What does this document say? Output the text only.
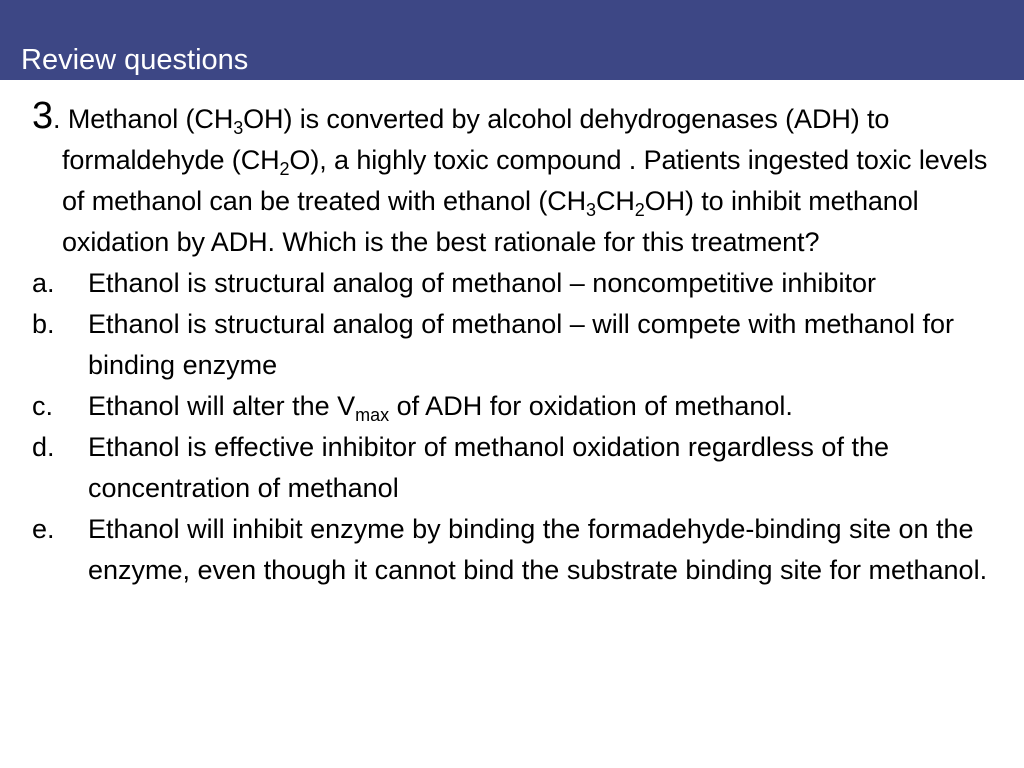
Review questions
3. Methanol $(CH_3OH)$ is converted by alcohol dehydrogenases (ADH) to formaldehyde $(CH_2O)$, a highly toxic compound . Patients ingested toxic levels of methanol can be treated with ethanol $(CH_3CH_2OH)$ to inhibit methanol oxidation by ADH. Which is the best rationale for this treatment?
a. Ethanol is structural analog of methanol – noncompetitive inhibitor
b. Ethanol is structural analog of methanol – will compete with methanol for binding enzyme
c. Ethanol will alter the $V_{max}$ of ADH for oxidation of methanol.
d. Ethanol is effective inhibitor of methanol oxidation regardless of the concentration of methanol
e. Ethanol will inhibit enzyme by binding the formadehyde-binding site on the enzyme, even though it cannot bind the substrate binding site for methanol.
